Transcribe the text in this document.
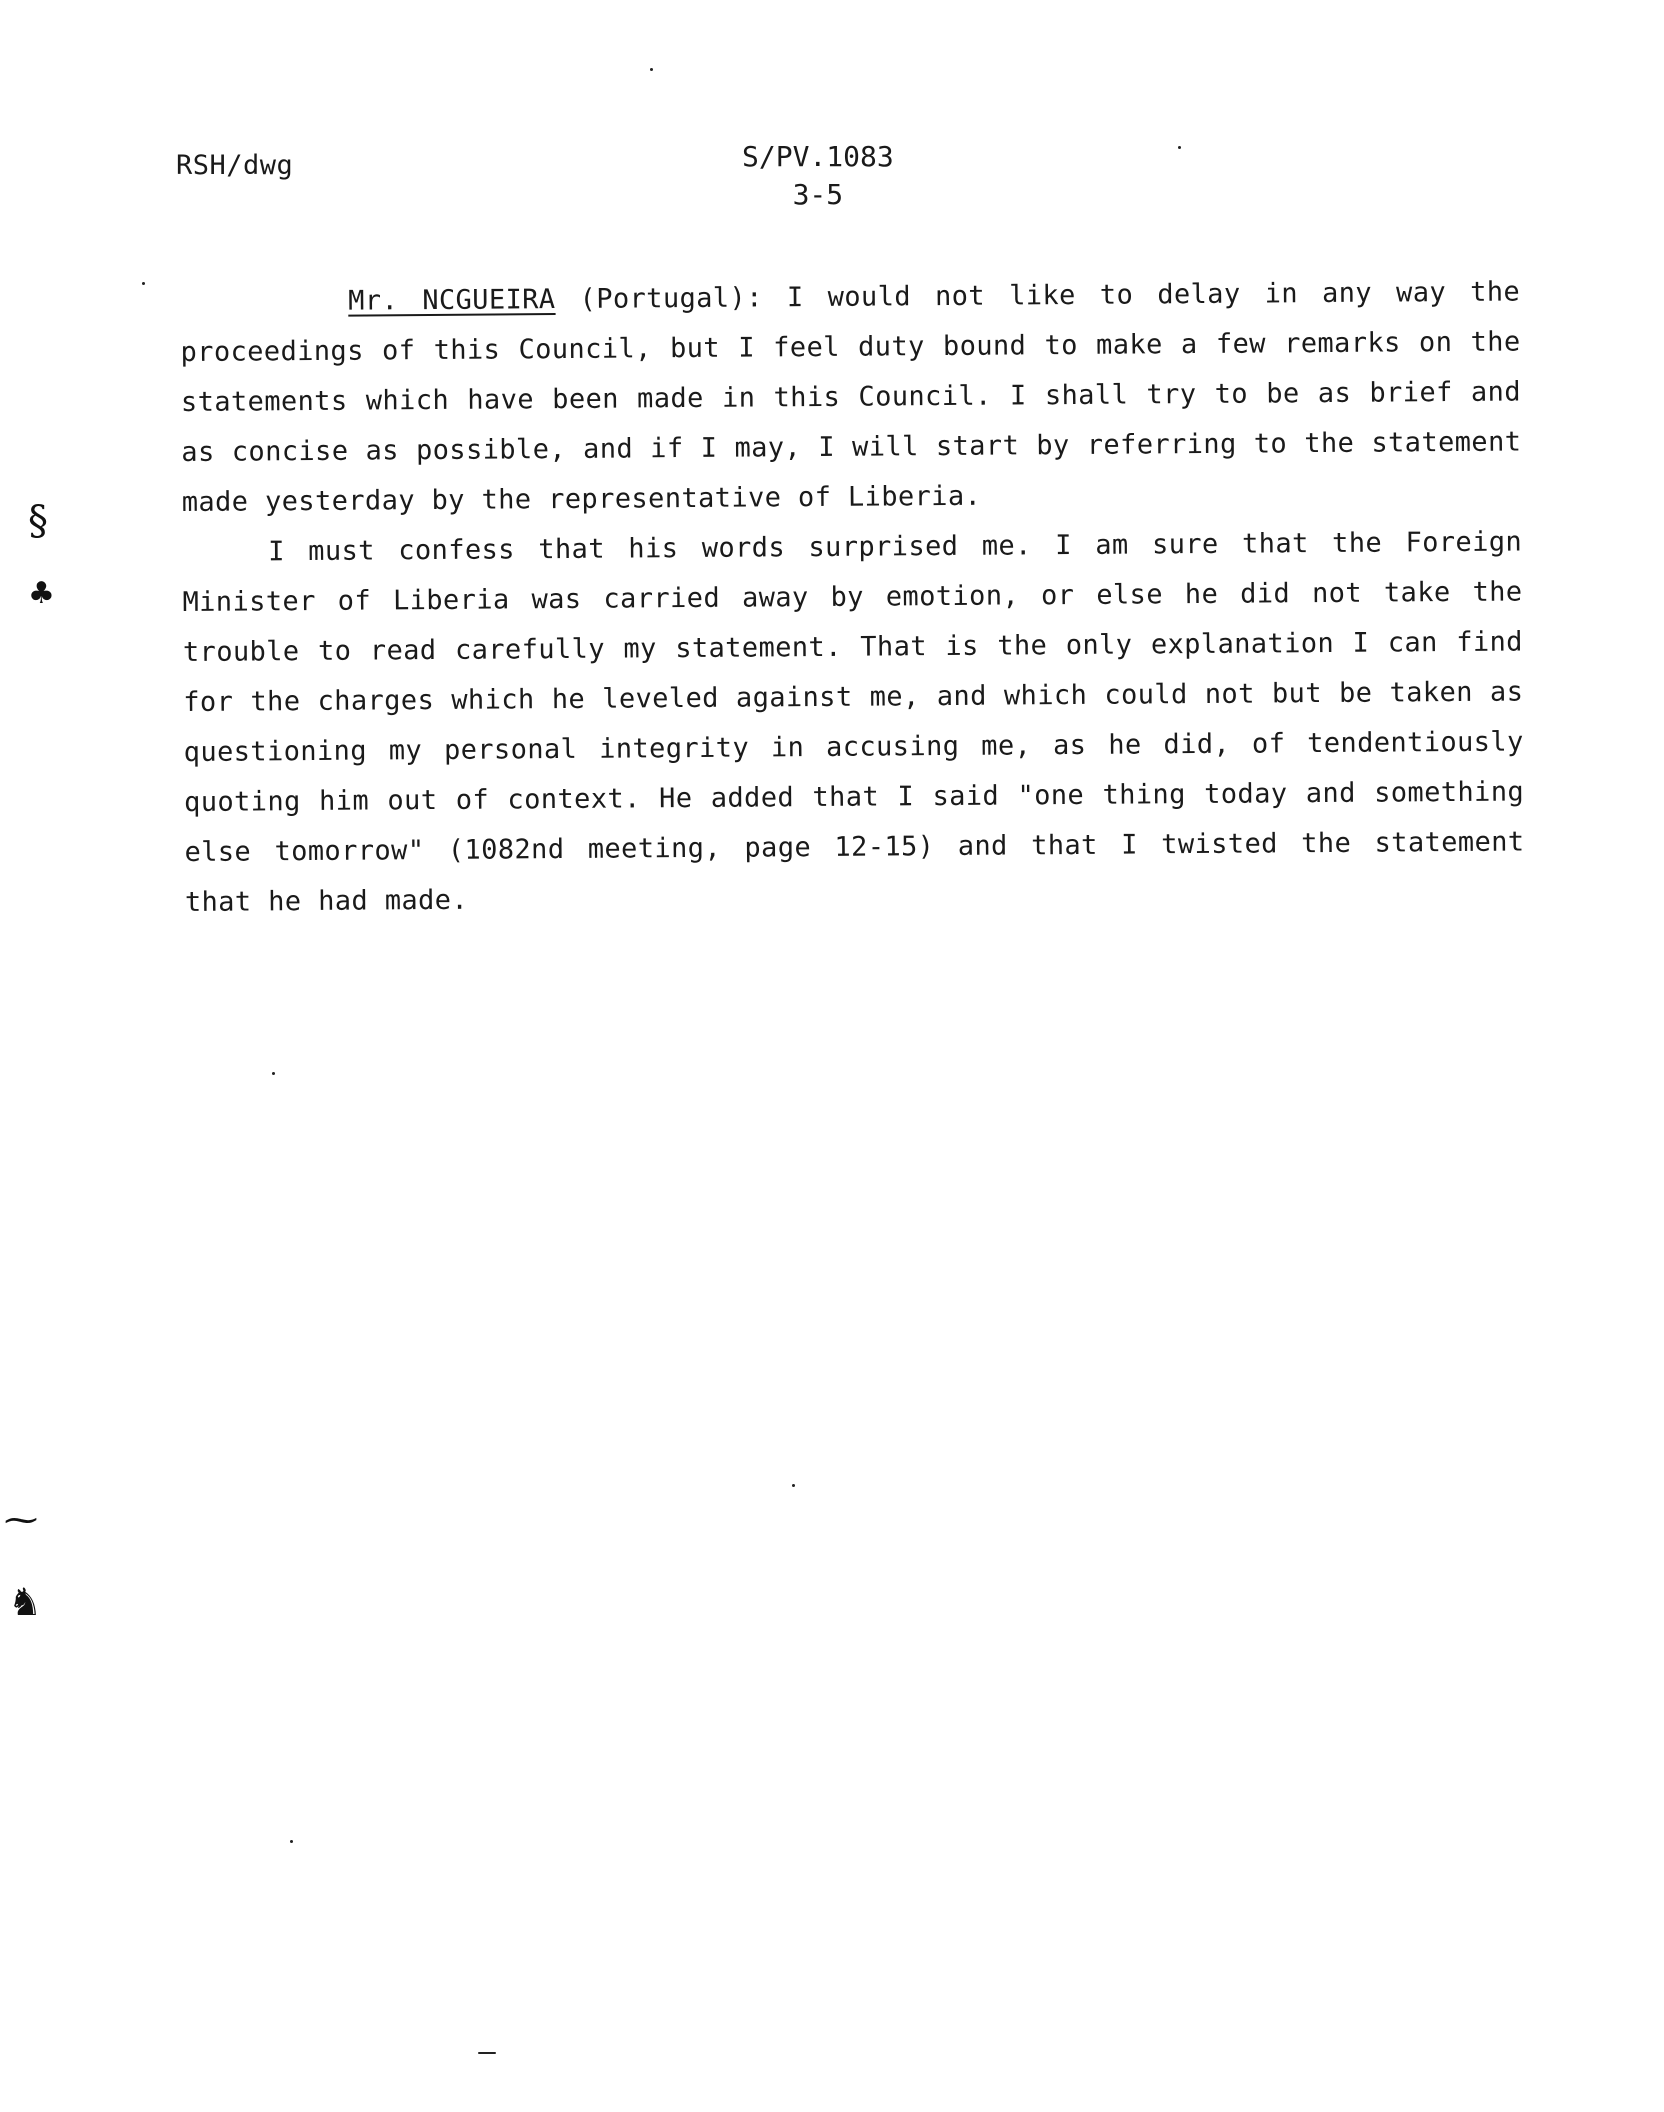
RSH/dwg	S/PV.1083
3-5

Mr. NCGUEIRA (Portugal): I would not like to delay in any way the proceedings of this Council, but I feel duty bound to make a few remarks on the statements which have been made in this Council. I shall try to be as brief and as concise as possible, and if I may, I will start by referring to the statement made yesterday by the representative of Liberia.

I must confess that his words surprised me. I am sure that the Foreign Minister of Liberia was carried away by emotion, or else he did not take the trouble to read carefully my statement. That is the only explanation I can find for the charges which he leveled against me, and which could not but be taken as questioning my personal integrity in accusing me, as he did, of tendentiously quoting him out of context. He added that I said "one thing today and something else tomorrow" (1082nd meeting, page 12-15) and that I twisted the statement that he had made.

§
♣
⁓
♞
